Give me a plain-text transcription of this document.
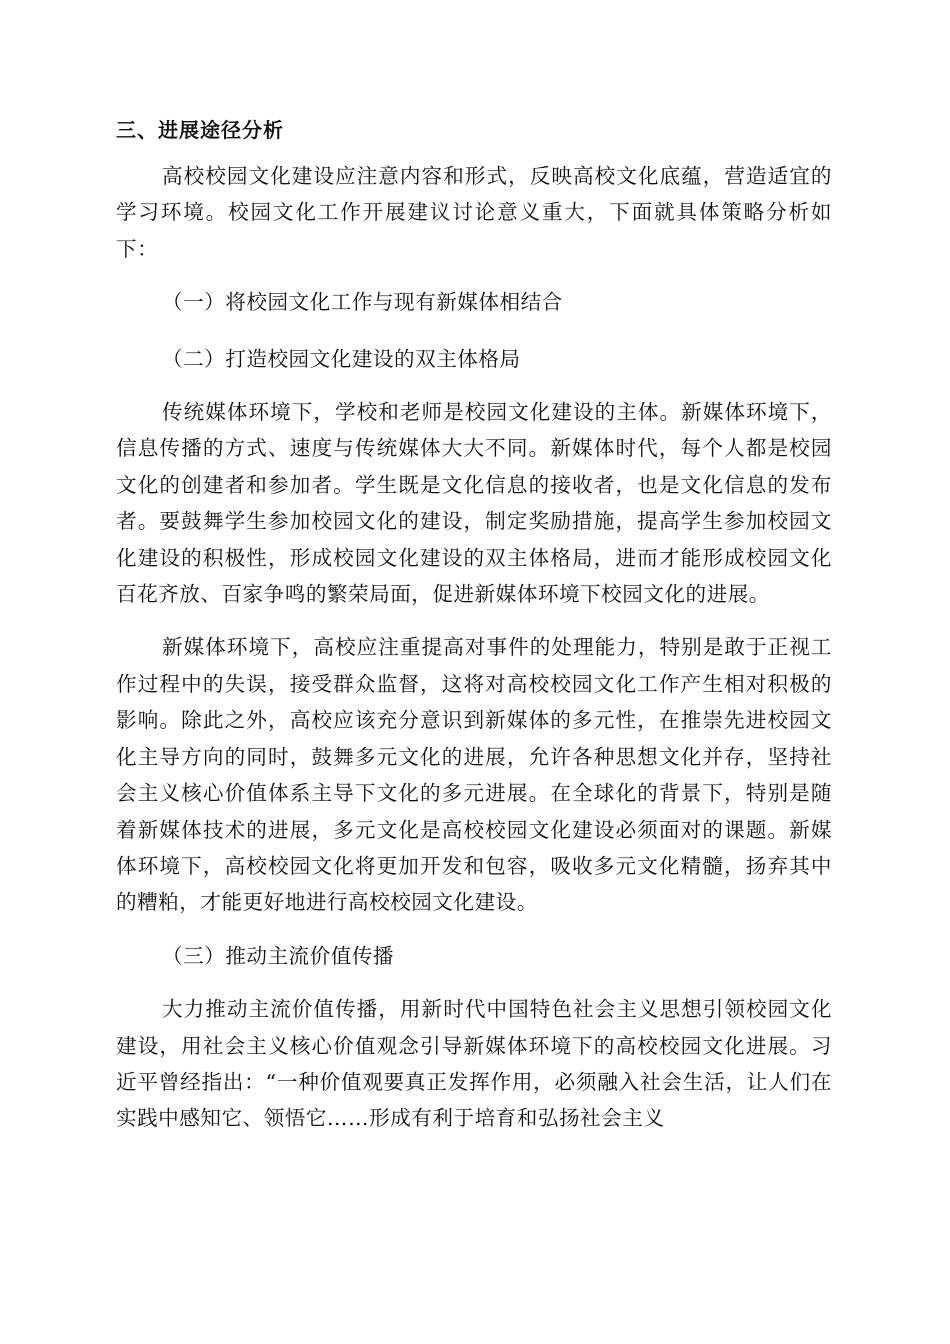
三、进展途径分析

高校校园文化建设应注意内容和形式，反映高校文化底蕴，营造适宜的学习环境。校园文化工作开展建议讨论意义重大，下面就具体策略分析如下：

（一）将校园文化工作与现有新媒体相结合

（二）打造校园文化建设的双主体格局

传统媒体环境下，学校和老师是校园文化建设的主体。新媒体环境下，信息传播的方式、速度与传统媒体大大不同。新媒体时代，每个人都是校园文化的创建者和参加者。学生既是文化信息的接收者，也是文化信息的发布者。要鼓舞学生参加校园文化的建设，制定奖励措施，提高学生参加校园文化建设的积极性，形成校园文化建设的双主体格局，进而才能形成校园文化百花齐放、百家争鸣的繁荣局面，促进新媒体环境下校园文化的进展。

新媒体环境下，高校应注重提高对事件的处理能力，特别是敢于正视工作过程中的失误，接受群众监督，这将对高校校园文化工作产生相对积极的影响。除此之外，高校应该充分意识到新媒体的多元性，在推崇先进校园文化主导方向的同时，鼓舞多元文化的进展，允许各种思想文化并存，坚持社会主义核心价值体系主导下文化的多元进展。在全球化的背景下，特别是随着新媒体技术的进展，多元文化是高校校园文化建设必须面对的课题。新媒体环境下，高校校园文化将更加开发和包容，吸收多元文化精髓，扬弃其中的糟粕，才能更好地进行高校校园文化建设。

（三）推动主流价值传播

大力推动主流价值传播，用新时代中国特色社会主义思想引领校园文化建设，用社会主义核心价值观念引导新媒体环境下的高校校园文化进展。习近平曾经指出：“一种价值观要真正发挥作用，必须融入社会生活，让人们在实践中感知它、领悟它……形成有利于培育和弘扬社会主义
